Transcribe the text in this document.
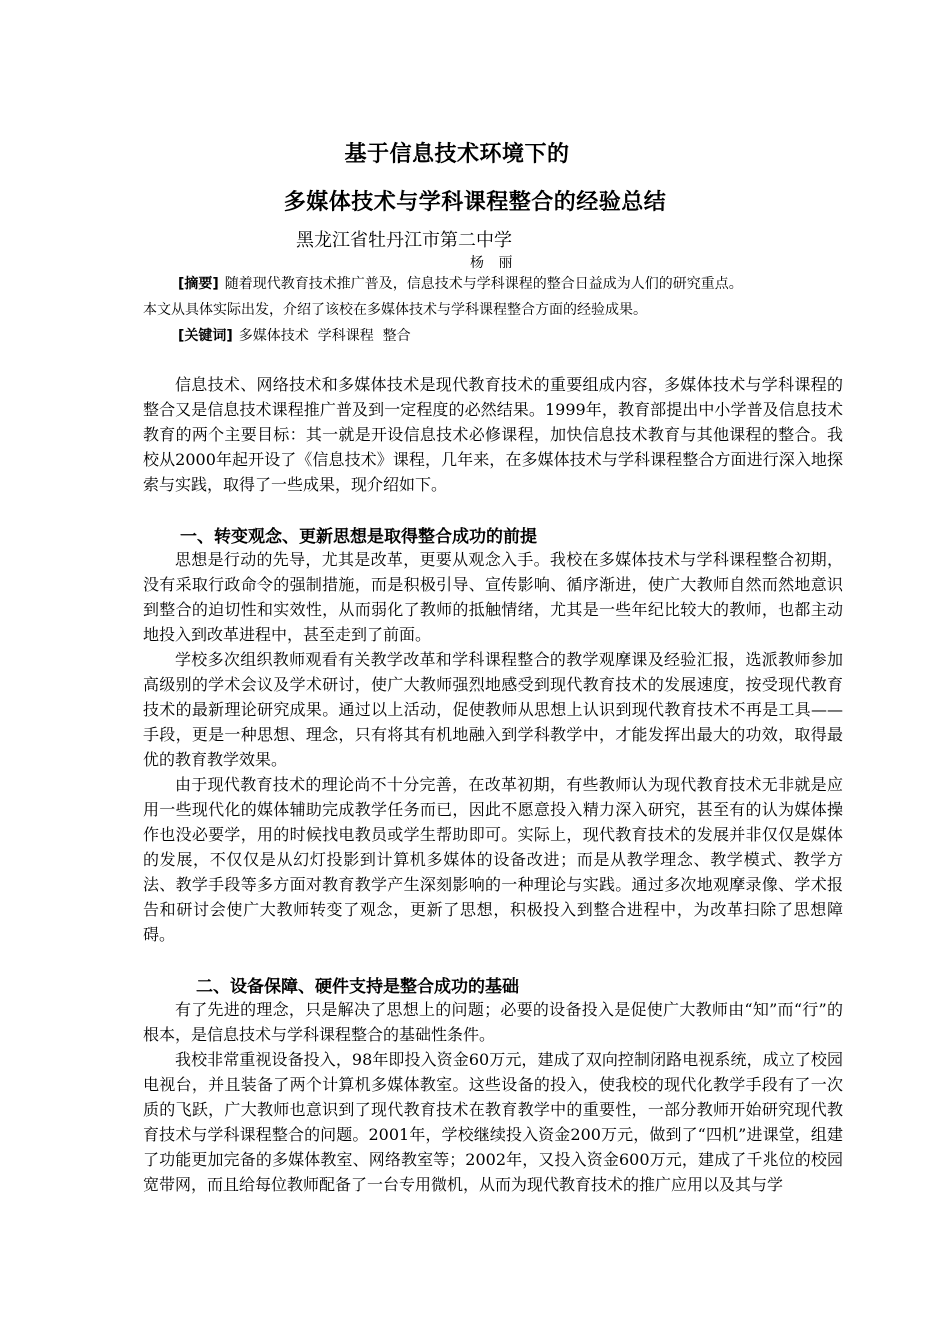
基于信息技术环境下的
多媒体技术与学科课程整合的经验总结
黑龙江省牡丹江市第二中学
杨 丽
[摘要] 随着现代教育技术推广普及，信息技术与学科课程的整合日益成为人们的研究重点。
本文从具体实际出发，介绍了该校在多媒体技术与学科课程整合方面的经验成果。
[关键词] 多媒体技术  学科课程  整合

信息技术、网络技术和多媒体技术是现代教育技术的重要组成内容，多媒体技术与学科课程的整合又是信息技术课程推广普及到一定程度的必然结果。1999年，教育部提出中小学普及信息技术教育的两个主要目标：其一就是开设信息技术必修课程，加快信息技术教育与其他课程的整合。我校从2000年起开设了《信息技术》课程，几年来，在多媒体技术与学科课程整合方面进行深入地探索与实践，取得了一些成果，现介绍如下。

一、转变观念、更新思想是取得整合成功的前提

思想是行动的先导，尤其是改革，更要从观念入手。我校在多媒体技术与学科课程整合初期，没有采取行政命令的强制措施，而是积极引导、宣传影响、循序渐进，使广大教师自然而然地意识到整合的迫切性和实效性，从而弱化了教师的抵触情绪，尤其是一些年纪比较大的教师，也都主动地投入到改革进程中，甚至走到了前面。

学校多次组织教师观看有关教学改革和学科课程整合的教学观摩课及经验汇报，选派教师参加高级别的学术会议及学术研讨，使广大教师强烈地感受到现代教育技术的发展速度，按受现代教育技术的最新理论研究成果。通过以上活动，促使教师从思想上认识到现代教育技术不再是工具——手段，更是一种思想、理念，只有将其有机地融入到学科教学中，才能发挥出最大的功效，取得最优的教育教学效果。

由于现代教育技术的理论尚不十分完善，在改革初期，有些教师认为现代教育技术无非就是应用一些现代化的媒体辅助完成教学任务而已，因此不愿意投入精力深入研究，甚至有的认为媒体操作也没必要学，用的时候找电教员或学生帮助即可。实际上，现代教育技术的发展并非仅仅是媒体的发展，不仅仅是从幻灯投影到计算机多媒体的设备改进；而是从教学理念、教学模式、教学方法、教学手段等多方面对教育教学产生深刻影响的一种理论与实践。通过多次地观摩录像、学术报告和研讨会使广大教师转变了观念，更新了思想，积极投入到整合进程中，为改革扫除了思想障碍。

二、设备保障、硬件支持是整合成功的基础

有了先进的理念，只是解决了思想上的问题；必要的设备投入是促使广大教师由“知”而“行”的根本，是信息技术与学科课程整合的基础性条件。

我校非常重视设备投入，98年即投入资金60万元，建成了双向控制闭路电视系统，成立了校园电视台，并且装备了两个计算机多媒体教室。这些设备的投入，使我校的现代化教学手段有了一次质的飞跃，广大教师也意识到了现代教育技术在教育教学中的重要性，一部分教师开始研究现代教育技术与学科课程整合的问题。2001年，学校继续投入资金200万元，做到了“四机”进课堂，组建了功能更加完备的多媒体教室、网络教室等；2002年，又投入资金600万元，建成了千兆位的校园宽带网，而且给每位教师配备了一台专用微机，从而为现代教育技术的推广应用以及其与学
